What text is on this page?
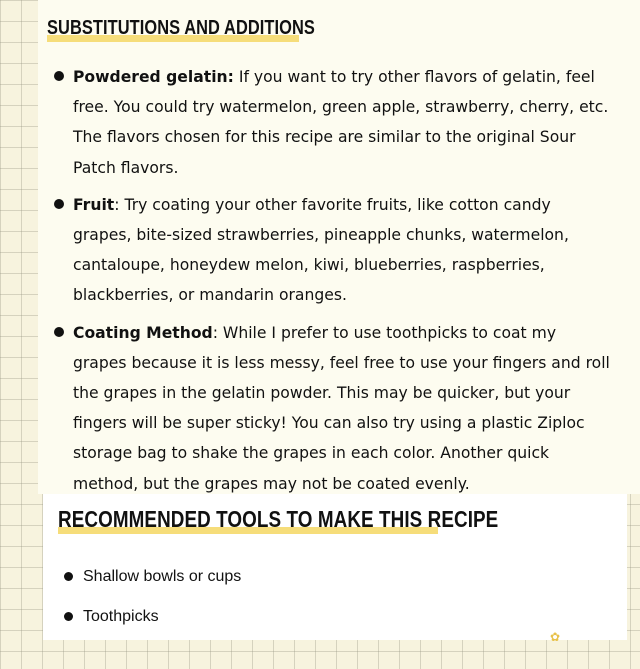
SUBSTITUTIONS AND ADDITIONS
Powdered gelatin: If you want to try other flavors of gelatin, feel free. You could try watermelon, green apple, strawberry, cherry, etc. The flavors chosen for this recipe are similar to the original Sour Patch flavors.
Fruit: Try coating your other favorite fruits, like cotton candy grapes, bite-sized strawberries, pineapple chunks, watermelon, cantaloupe, honeydew melon, kiwi, blueberries, raspberries, blackberries, or mandarin oranges.
Coating Method: While I prefer to use toothpicks to coat my grapes because it is less messy, feel free to use your fingers and roll the grapes in the gelatin powder. This may be quicker, but your fingers will be super sticky! You can also try using a plastic Ziploc storage bag to shake the grapes in each color. Another quick method, but the grapes may not be coated evenly.
RECOMMENDED TOOLS TO MAKE THIS RECIPE
Shallow bowls or cups
Toothpicks
✿
